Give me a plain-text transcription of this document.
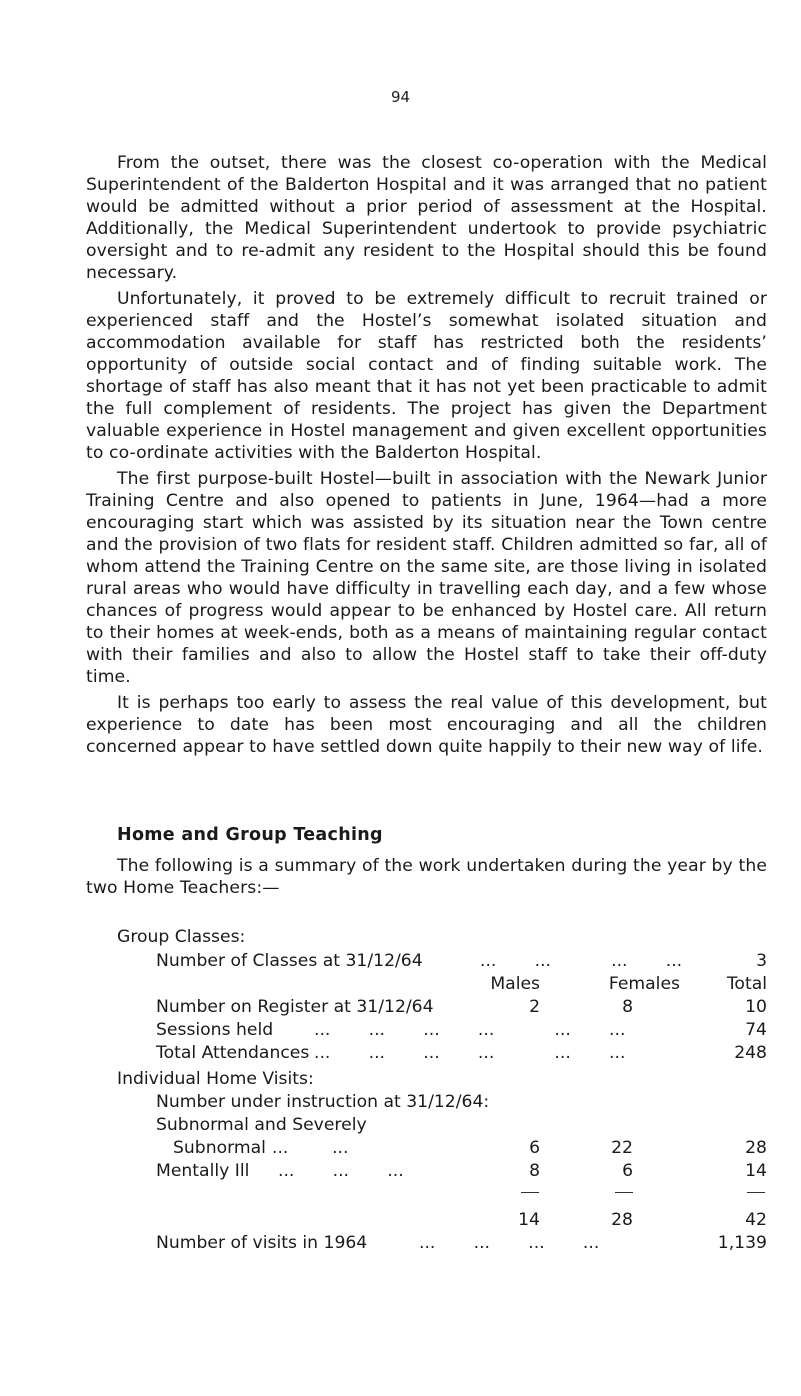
94

From the outset, there was the closest co-operation with the Medical Superintendent of the Balderton Hospital and it was arranged that no patient would be admitted without a prior period of assessment at the Hospital. Additionally, the Medical Superintendent undertook to provide psychiatric oversight and to re-admit any resident to the Hospital should this be found necessary.

Unfortunately, it proved to be extremely difficult to recruit trained or experienced staff and the Hostel’s somewhat isolated situation and accommodation available for staff has restricted both the residents’ opportunity of outside social contact and of finding suitable work. The shortage of staff has also meant that it has not yet been practicable to admit the full complement of residents. The project has given the Department valuable experience in Hostel management and given excellent opportunities to co-ordinate activities with the Balderton Hospital.

The first purpose-built Hostel—built in association with the Newark Junior Training Centre and also opened to patients in June, 1964—had a more encouraging start which was assisted by its situation near the Town centre and the provision of two flats for resident staff. Children admitted so far, all of whom attend the Training Centre on the same site, are those living in isolated rural areas who would have difficulty in travelling each day, and a few whose chances of progress would appear to be enhanced by Hostel care. All return to their homes at week-ends, both as a means of maintaining regular contact with their families and also to allow the Hostel staff to take their off-duty time.

It is perhaps too early to assess the real value of this development, but experience to date has been most encouraging and all the children concerned appear to have settled down quite happily to their new way of life.

Home and Group Teaching
The following is a summary of the work undertaken during the year by the two Home Teachers:—
Group Classes:
Number of Classes at 31/12/64	...       ...           ...       ...	3
Males	Females	Total
Number on Register at 31/12/64	2	8	10
Sessions held ...       ...       ...       ...           ...       ...	74
Total Attendances ...       ...       ...       ...           ...       ...	248
Individual Home Visits:
Number under instruction at 31/12/64:
Subnormal and Severely
Subnormal ...        ...	6	22	28
Mentally Ill ...       ...       ...	8	6	14
14	28	42
Number of visits in 1964	...       ...       ...       ...	1,139
